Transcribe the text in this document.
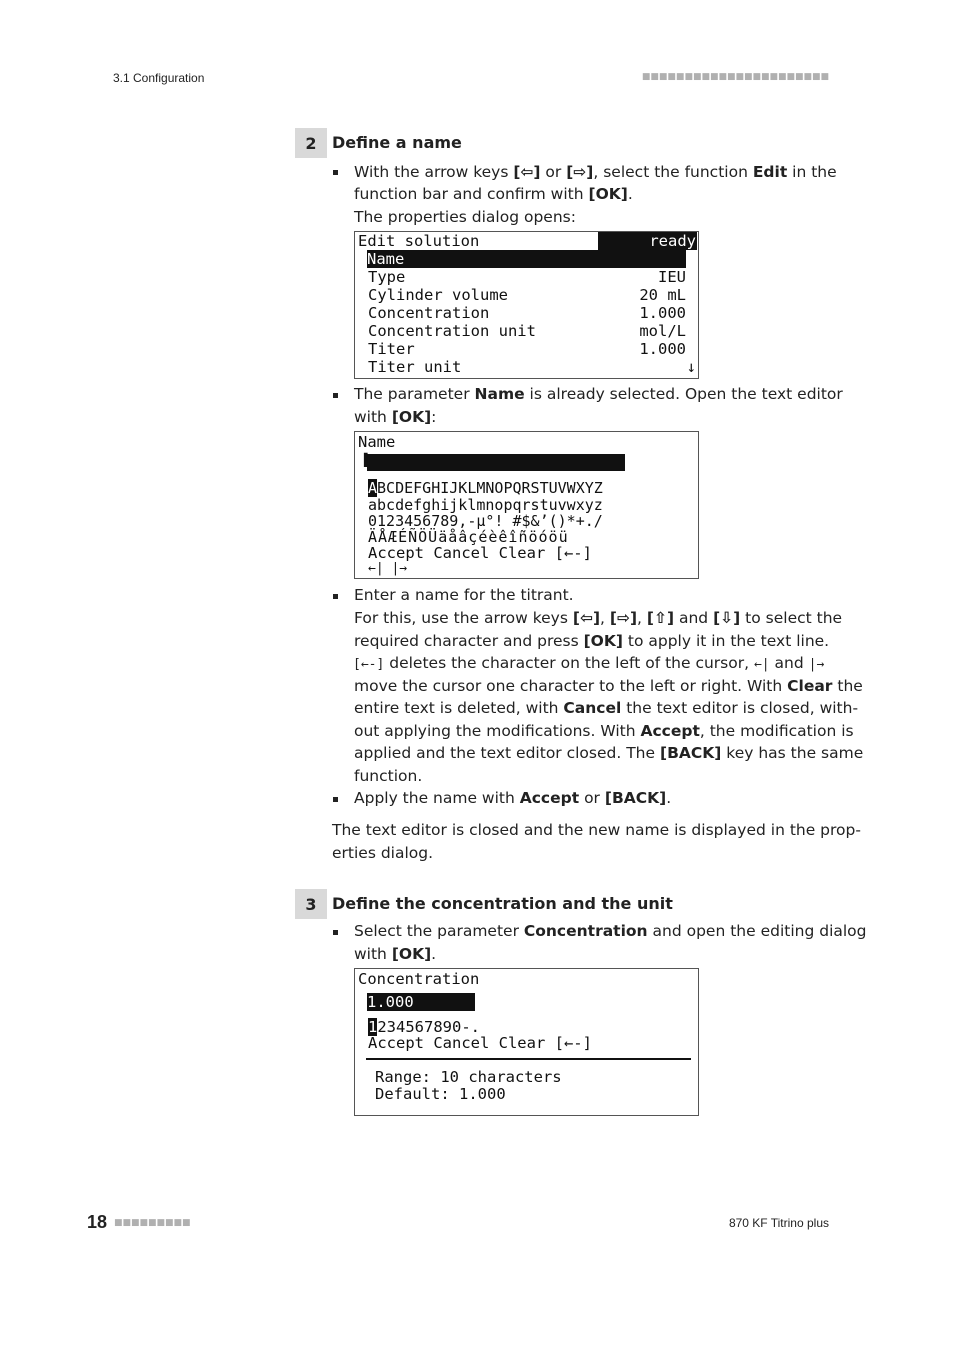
3.1 Configuration	■■■■■■■■■■■■■■■■■■■■■■
2 Define a name
With the arrow keys [⇦] or [⇨], select the function Edit in the
function bar and confirm with [OK].
The properties dialog opens:
Edit solution	ready
Name
Type	IEU
Cylinder volume	20 mL
Concentration	1.000
Concentration unit	mol/L
Titer	1.000
Titer unit	↓
The parameter Name is already selected. Open the text editor
with [OK]:
Name
▌
ABCDEFGHIJKLMNOPQRSTUVWXYZ
abcdefghijklmnopqrstuvwxyz
0123456789,-µ°! #$&’()*+./
ÄÅÆÉÑÖÜäåâçéèêîñöóöü
Accept Cancel Clear [←-]
←| |→
Enter a name for the titrant.
For this, use the arrow keys [⇦], [⇨], [⇧] and [⇩] to select the
required character and press [OK] to apply it in the text line.
[←-] deletes the character on the left of the cursor, ←| and |→
move the cursor one character to the left or right. With Clear the
entire text is deleted, with Cancel the text editor is closed, with-
out applying the modifications. With Accept, the modification is
applied and the text editor closed. The [BACK] key has the same
function.
Apply the name with Accept or [BACK].
The text editor is closed and the new name is displayed in the prop-
erties dialog.
3 Define the concentration and the unit
Select the parameter Concentration and open the editing dialog
with [OK].
Concentration
1.000
1234567890-.
Accept Cancel Clear [←-]
Range: 10 characters
Default: 1.000
18 ■■■■■■■■■	870 KF Titrino plus
